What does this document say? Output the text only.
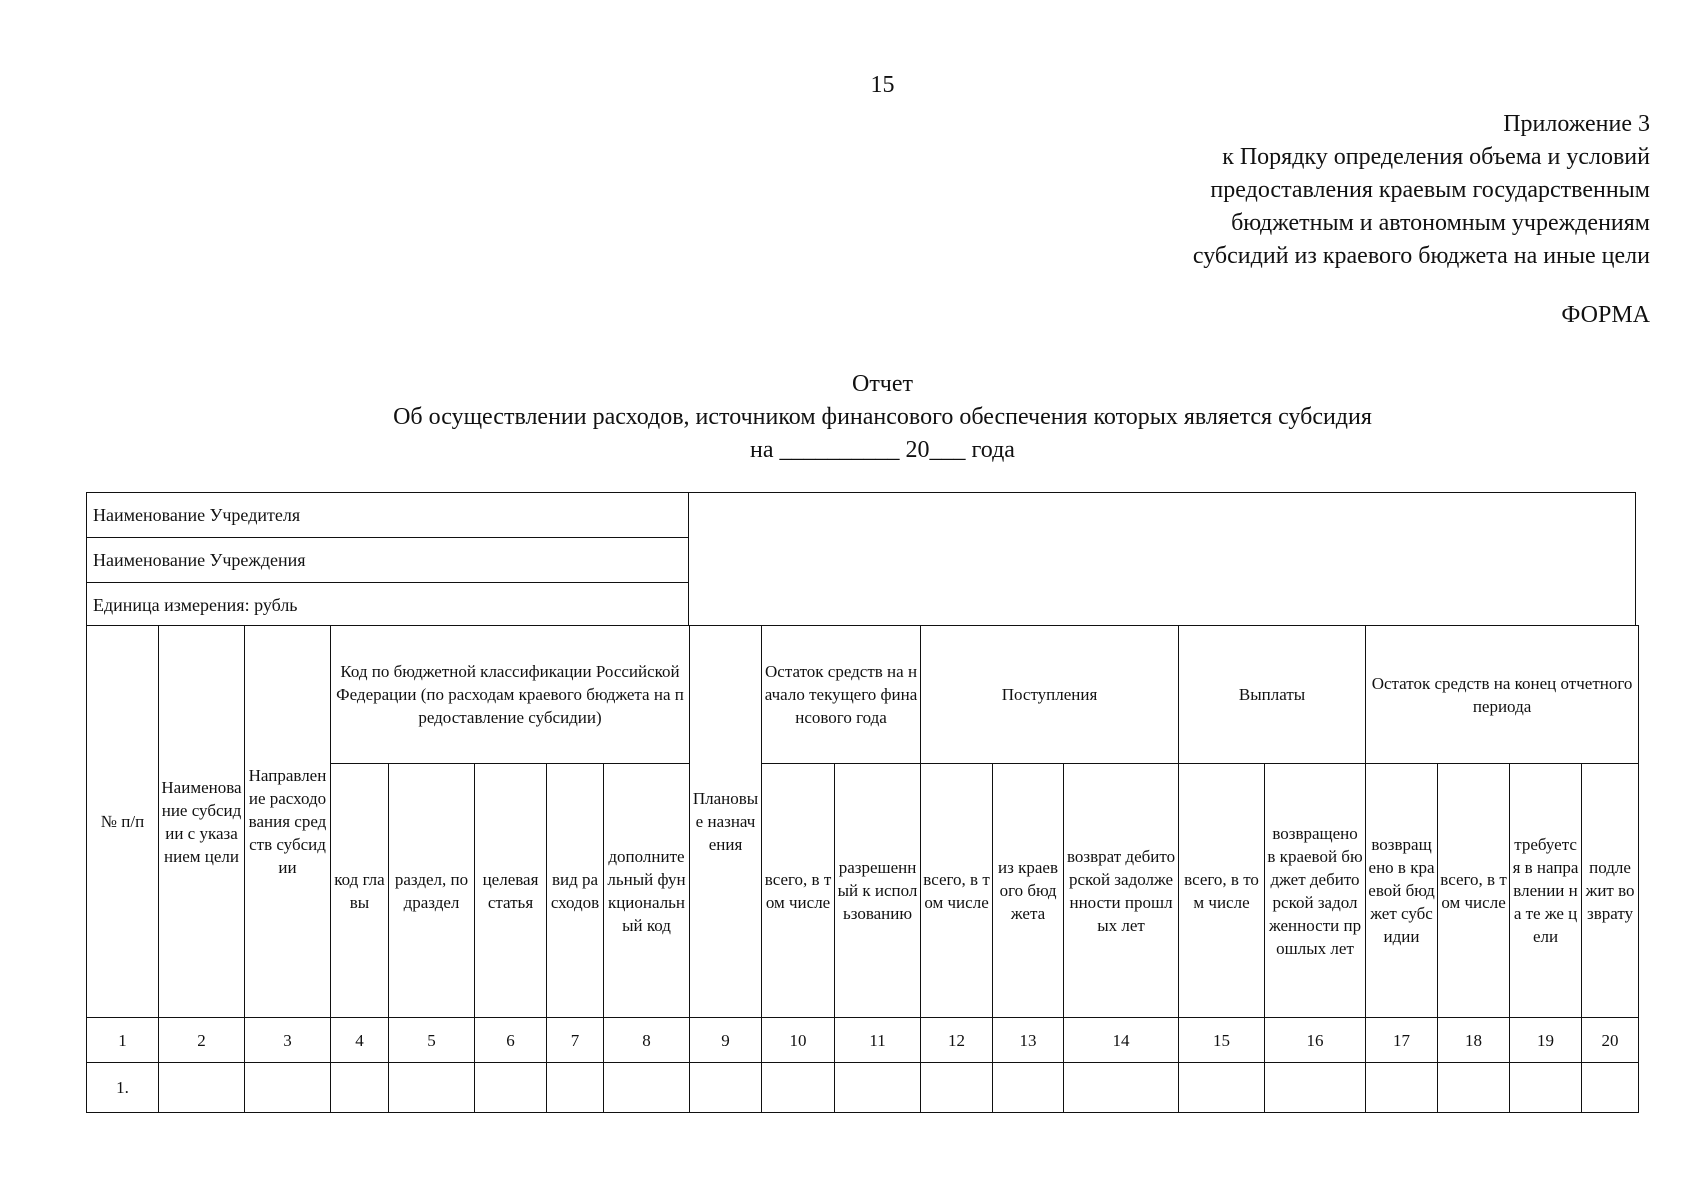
15
Приложение 3
к Порядку определения объема и условий
предоставления краевым государственным
бюджетным и автономным учреждениям
субсидий из краевого бюджета на иные цели
ФОРМА
Отчет
Об осуществлении расходов, источником финансового обеспечения которых является субсидия
на __________ 20___ года
Наименование Учредителя
Наименование Учреждения
Единица измерения: рубль
№ п/п	Наименование субсидии с указанием цели	Направление расходования средств субсидии	Код по бюджетной классификации Российской Федерации (по расходам краевого бюджета на предоставление субсидии)					Плановые назначения	Остаток средств на начало текущего финансового года		Поступления			Выплаты		Остаток средств на конец отчетного периода			
			код главы	раздел, подраздел	целевая статья	вид расходов	дополнительный функциональный код		всего, в том числе	разрешенный к использованию	всего, в том числе	из краевого бюджета	возврат дебиторской задолженности прошлых лет	всего, в том числе	возвращено в краевой бюджет дебиторской задолженности прошлых лет	возвращено в краевой бюджет субсидии	всего, в том числе	требуется в направлении на те же цели	подлежит возврату
1	2	3	4	5	6	7	8	9	10	11	12	13	14	15	16	17	18	19	20
1.																			
